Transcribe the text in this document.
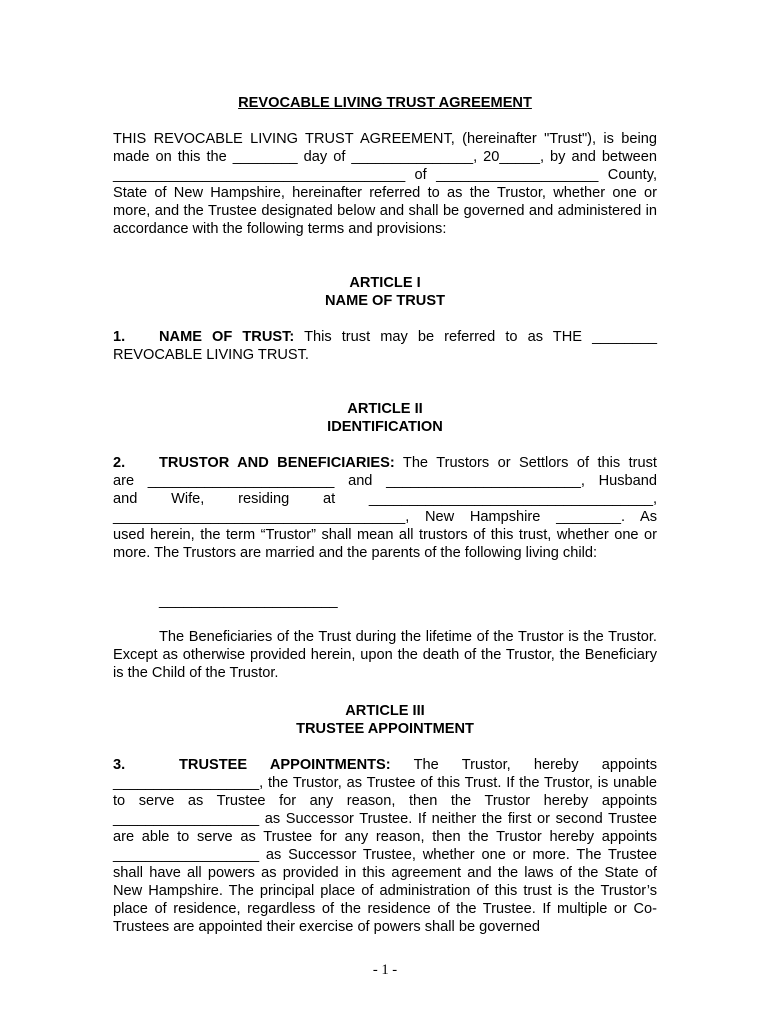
REVOCABLE LIVING TRUST AGREEMENT

THIS REVOCABLE LIVING TRUST AGREEMENT, (hereinafter "Trust"), is being

made on this the ________ day of _______________, 20_____, by and between

____________________________________ of ____________________ County,

State of New Hampshire, hereinafter referred to as the Trustor, whether one or more, and the Trustee designated below and shall be governed and administered in accordance with the following terms and provisions:

ARTICLE I
NAME OF TRUST

1. NAME OF TRUST: This trust may be referred to as THE ________

REVOCABLE LIVING TRUST.

ARTICLE II
IDENTIFICATION

2. TRUSTOR AND BENEFICIARIES: The Trustors or Settlors of this trust

are _______________________ and ________________________, Husband

and Wife, residing at ___________________________________,

____________________________________, New Hampshire ________. As

used herein, the term “Trustor” shall mean all trustors of this trust, whether one or more. The Trustors are married and the parents of the following living child:

______________________

The Beneficiaries of the Trust during the lifetime of the Trustor is the Trustor. Except as otherwise provided herein, upon the death of the Trustor, the Beneficiary is the Child of the Trustor.

ARTICLE III
TRUSTEE APPOINTMENT

3.	TRUSTEE APPOINTMENTS: The Trustor, hereby appoints

__________________, the Trustor, as Trustee of this Trust. If the Trustor, is unable to serve as Trustee for any reason, then the Trustor hereby appoints __________________ as Successor Trustee. If neither the first or second Trustee are able to serve as Trustee for any reason, then the Trustor hereby appoints __________________ as Successor Trustee, whether one or more. The Trustee shall have all powers as provided in this agreement and the laws of the State of New Hampshire. The principal place of administration of this trust is the Trustor’s place of residence, regardless of the residence of the Trustee. If multiple or Co-Trustees are appointed their exercise of powers shall be governed

- 1 -
